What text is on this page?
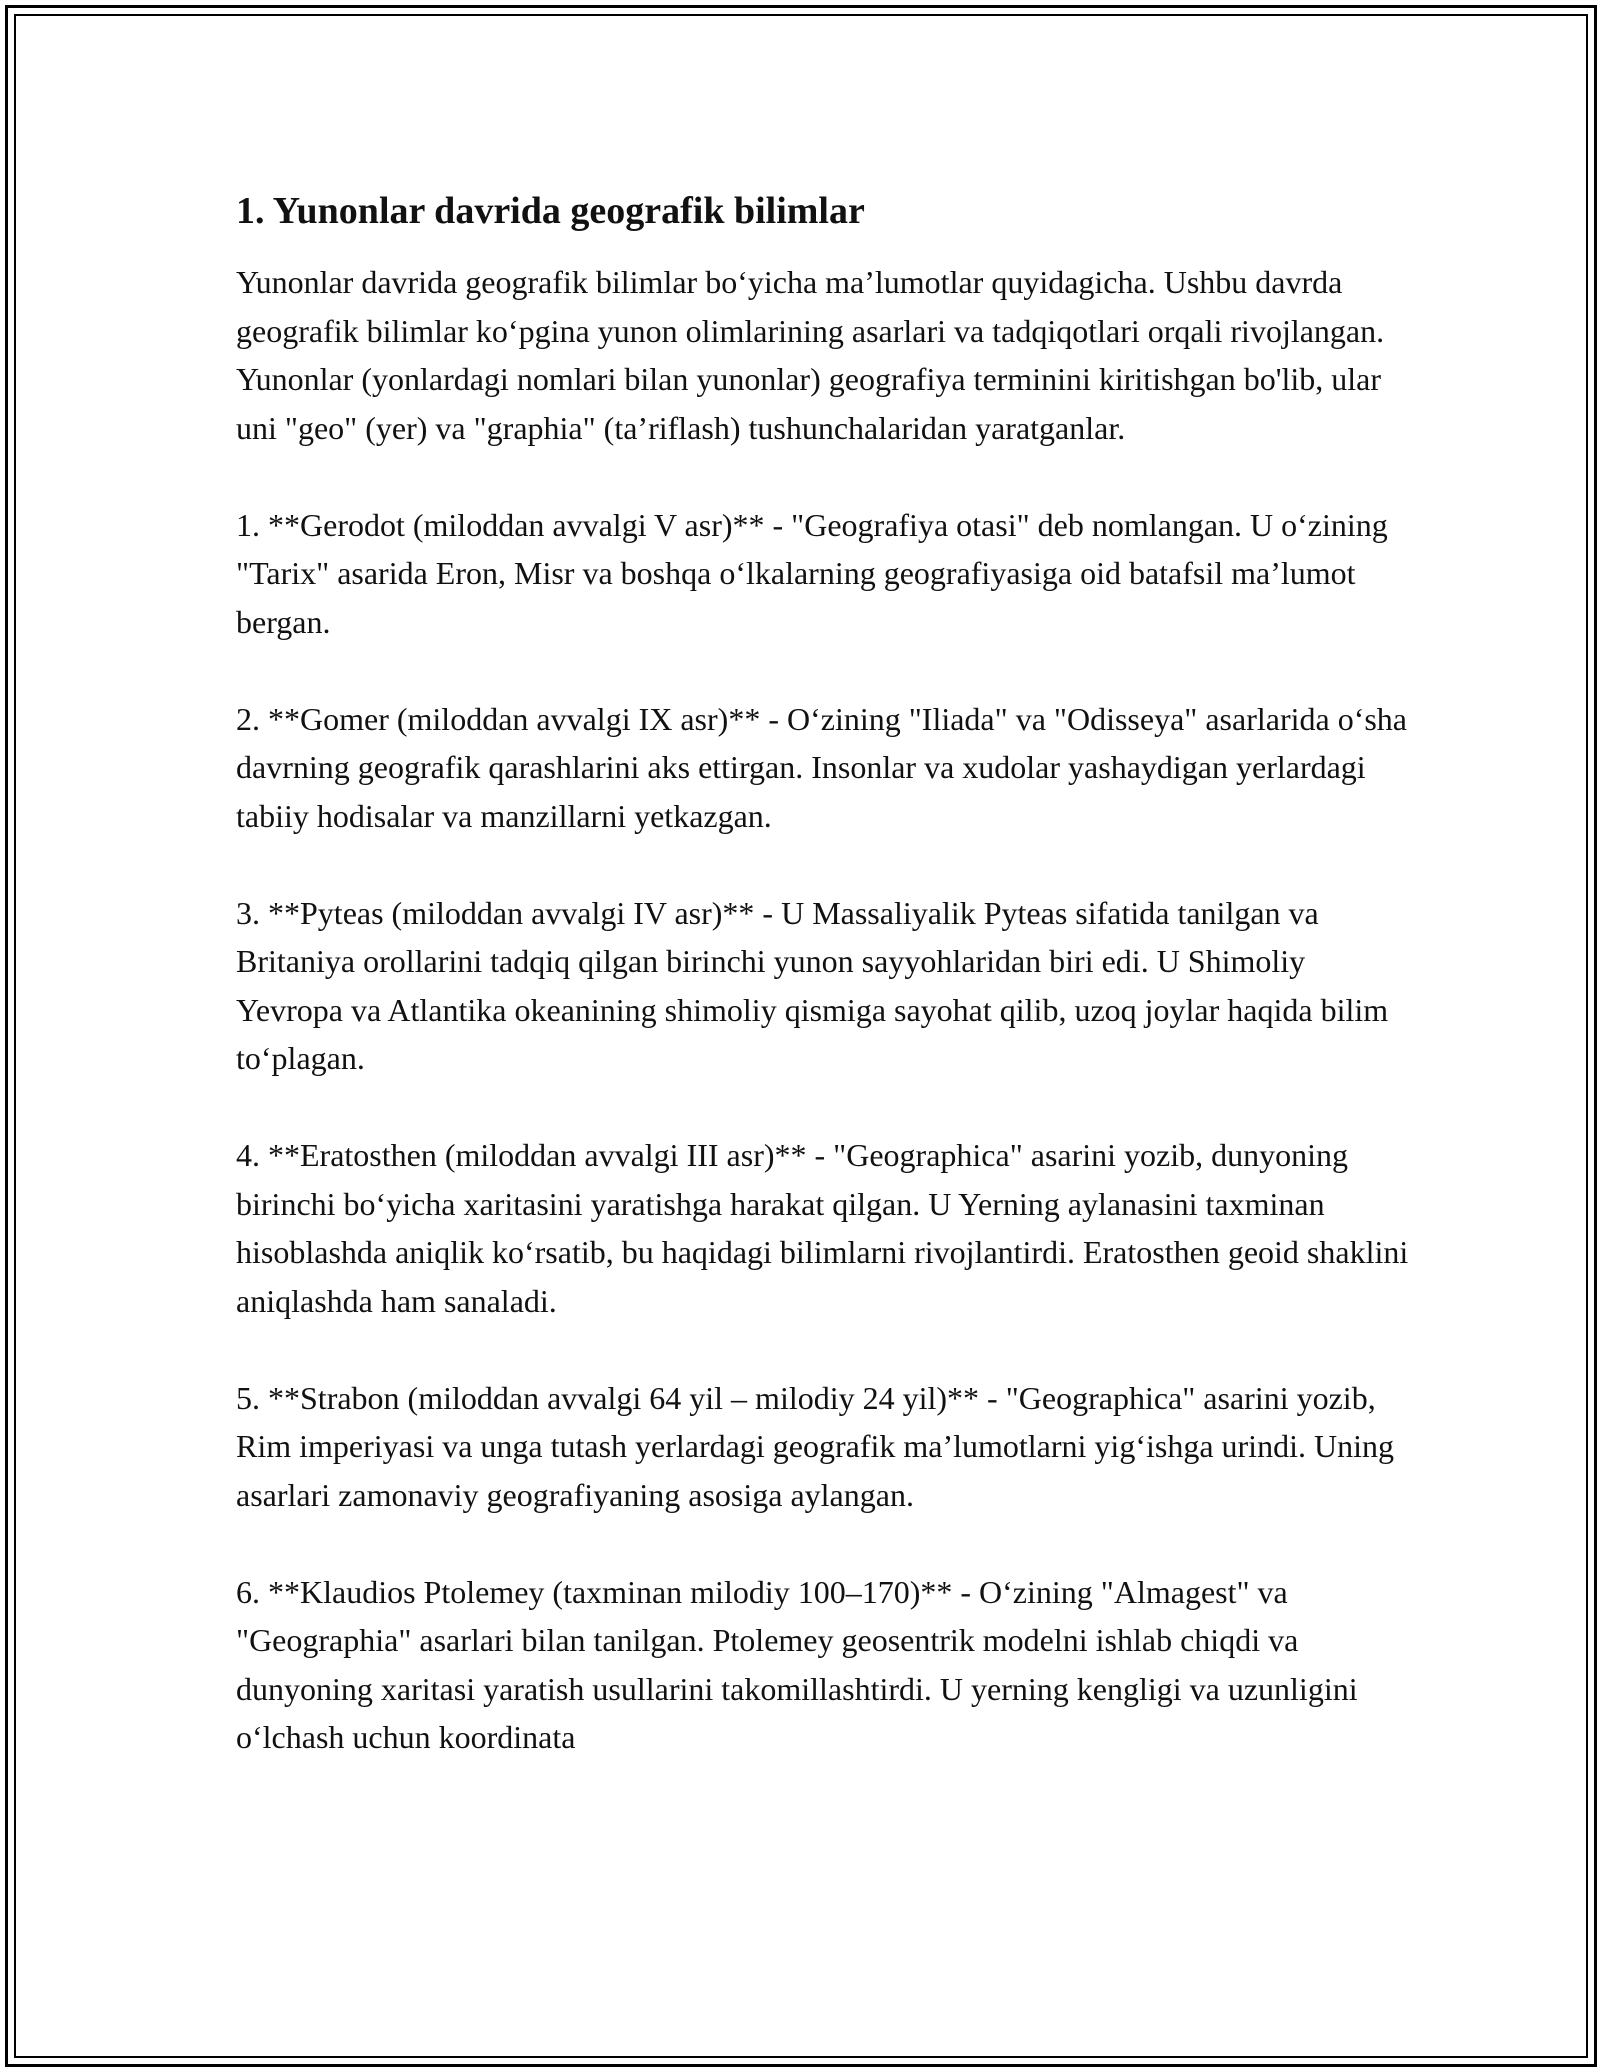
1. Yunonlar davrida geografik bilimlar

Yunonlar davrida geografik bilimlar bo‘yicha ma’lumotlar quyidagicha. Ushbu davrda geografik bilimlar ko‘pgina yunon olimlarining asarlari va tadqiqotlari orqali rivojlangan. Yunonlar (yonlardagi nomlari bilan yunonlar) geografiya terminini kiritishgan bo'lib, ular uni "geo" (yer) va "graphia" (ta’riflash) tushunchalaridan yaratganlar.

1. **Gerodot (miloddan avvalgi V asr)** - "Geografiya otasi" deb nomlangan. U o‘zining "Tarix" asarida Eron, Misr va boshqa o‘lkalarning geografiyasiga oid batafsil ma’lumot bergan.

2. **Gomer (miloddan avvalgi IX asr)** - O‘zining "Iliada" va "Odisseya" asarlarida o‘sha davrning geografik qarashlarini aks ettirgan. Insonlar va xudolar yashaydigan yerlardagi tabiiy hodisalar va manzillarni yetkazgan.

3. **Pyteas (miloddan avvalgi IV asr)** - U Massaliyalik Pyteas sifatida tanilgan va Britaniya orollarini tadqiq qilgan birinchi yunon sayyohlaridan biri edi. U Shimoliy Yevropa va Atlantika okeanining shimoliy qismiga sayohat qilib, uzoq joylar haqida bilim to‘plagan.

4. **Eratosthen (miloddan avvalgi III asr)** - "Geographica" asarini yozib, dunyoning birinchi bo‘yicha xaritasini yaratishga harakat qilgan. U Yerning aylanasini taxminan hisoblashda aniqlik ko‘rsatib, bu haqidagi bilimlarni rivojlantirdi. Eratosthen geoid shaklini aniqlashda ham sanaladi.

5. **Strabon (miloddan avvalgi 64 yil – milodiy 24 yil)** - "Geographica" asarini yozib, Rim imperiyasi va unga tutash yerlardagi geografik ma’lumotlarni yig‘ishga urindi. Uning asarlari zamonaviy geografiyaning asosiga aylangan.

6. **Klaudios Ptolemey (taxminan milodiy 100–170)** - O‘zining "Almagest" va "Geographia" asarlari bilan tanilgan. Ptolemey geosentrik modelni ishlab chiqdi va dunyoning xaritasi yaratish usullarini takomillashtirdi. U yerning kengligi va uzunligini o‘lchash uchun koordinata
